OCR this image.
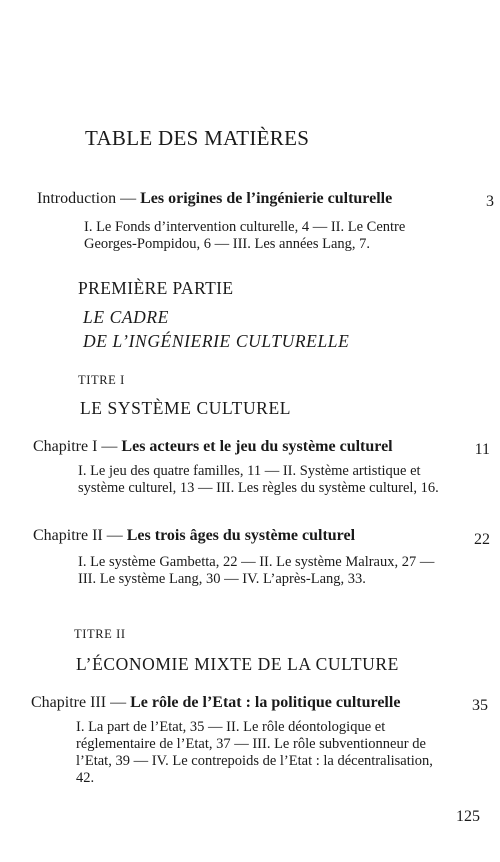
TABLE DES MATIÈRES
Introduction — Les origines de l’ingénierie culturelle	3
I. Le Fonds d’intervention culturelle, 4 — II. Le Centre Georges-Pompidou, 6 — III. Les années Lang, 7.
PREMIÈRE PARTIE
LE CADRE
DE L’INGÉNIERIE CULTURELLE
TITRE I
LE SYSTÈME CULTUREL
Chapitre I — Les acteurs et le jeu du système culturel	11
I. Le jeu des quatre familles, 11 — II. Système artistique et système culturel, 13 — III. Les règles du système culturel, 16.
Chapitre II — Les trois âges du système culturel	22
I. Le système Gambetta, 22 — II. Le système Malraux, 27 — III. Le système Lang, 30 — IV. L’après-Lang, 33.
TITRE II
L’ÉCONOMIE MIXTE DE LA CULTURE
Chapitre III — Le rôle de l’Etat : la politique culturelle	35
I. La part de l’Etat, 35 — II. Le rôle déontologique et réglementaire de l’Etat, 37 — III. Le rôle subventionneur de l’Etat, 39 — IV. Le contrepoids de l’Etat : la décentralisation, 42.
125
